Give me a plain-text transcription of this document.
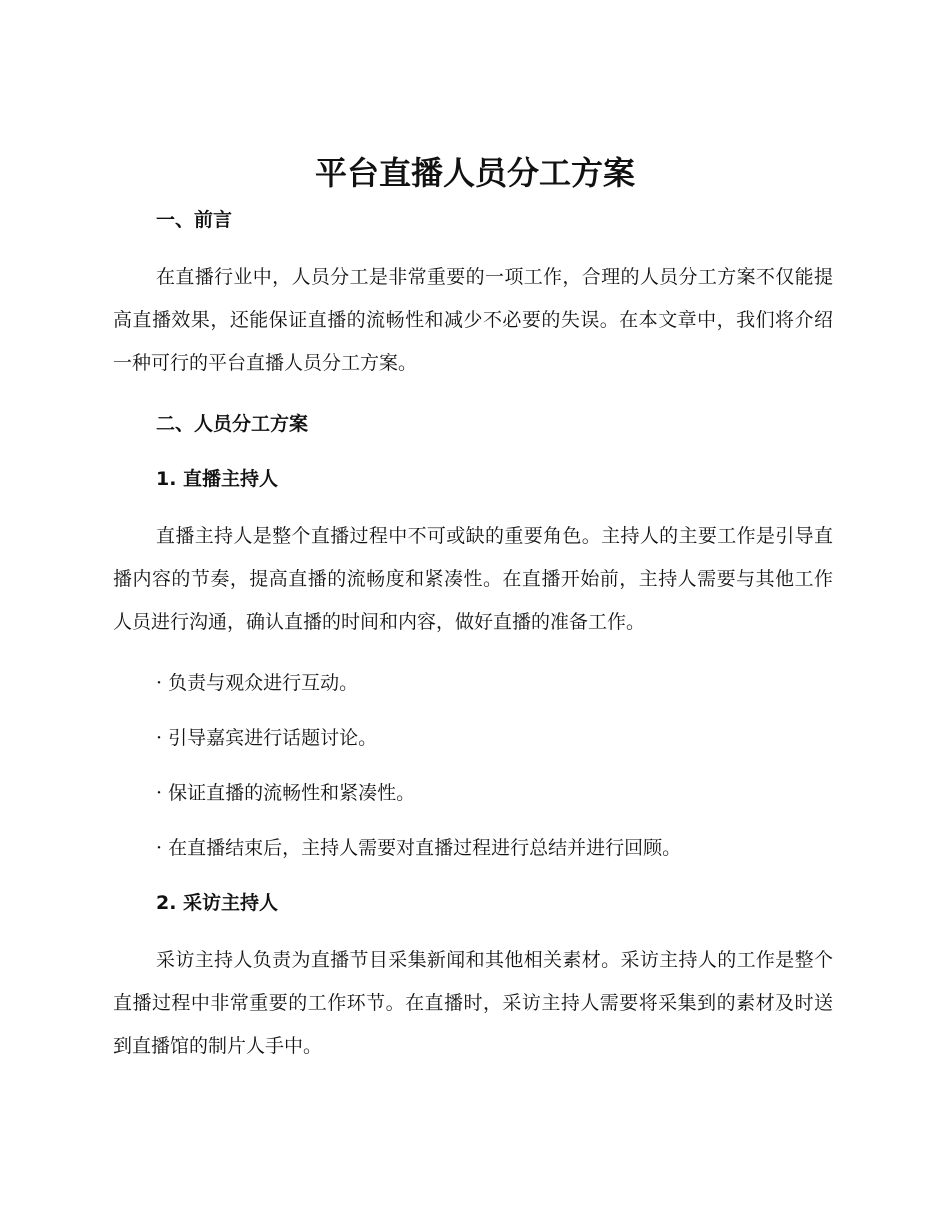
平台直播人员分工方案
一、前言

在直播行业中，人员分工是非常重要的一项工作，合理的人员分工方案不仅能提高直播效果，还能保证直播的流畅性和减少不必要的失误。在本文章中，我们将介绍一种可行的平台直播人员分工方案。

二、人员分工方案
1. 直播主持人

直播主持人是整个直播过程中不可或缺的重要角色。主持人的主要工作是引导直播内容的节奏，提高直播的流畅度和紧凑性。在直播开始前，主持人需要与其他工作人员进行沟通，确认直播的时间和内容，做好直播的准备工作。

· 负责与观众进行互动。
· 引导嘉宾进行话题讨论。
· 保证直播的流畅性和紧凑性。
· 在直播结束后，主持人需要对直播过程进行总结并进行回顾。
2. 采访主持人

采访主持人负责为直播节目采集新闻和其他相关素材。采访主持人的工作是整个直播过程中非常重要的工作环节。在直播时，采访主持人需要将采集到的素材及时送到直播馆的制片人手中。
